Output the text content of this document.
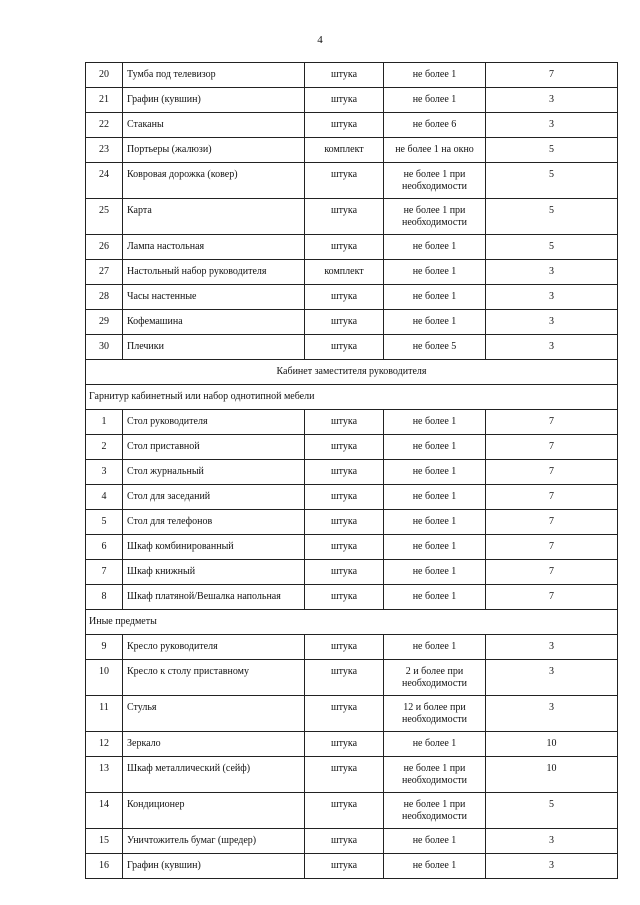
4
20	Тумба под телевизор	штука	не более 1	7
21	Графин (кувшин)	штука	не более 1	3
22	Стаканы	штука	не более 6	3
23	Портьеры (жалюзи)	комплект	не более 1 на окно	5
24	Ковровая дорожка (ковер)	штука	не более 1 при необходимости	5
25	Карта	штука	не более 1 при необходимости	5
26	Лампа настольная	штука	не более 1	5
27	Настольный набор руководителя	комплект	не более 1	3
28	Часы настенные	штука	не более 1	3
29	Кофемашина	штука	не более 1	3
30	Плечики	штука	не более 5	3
Кабинет заместителя руководителя				
Гарнитур кабинетный или набор однотипной мебели				
1	Стол руководителя	штука	не более 1	7
2	Стол приставной	штука	не более 1	7
3	Стол журнальный	штука	не более 1	7
4	Стол для заседаний	штука	не более 1	7
5	Стол для телефонов	штука	не более 1	7
6	Шкаф комбинированный	штука	не более 1	7
7	Шкаф книжный	штука	не более 1	7
8	Шкаф платяной/Вешалка напольная	штука	не более 1	7
Иные предметы				
9	Кресло руководителя	штука	не более 1	3
10	Кресло к столу приставному	штука	2 и более при необходимости	3
11	Стулья	штука	12 и более при необходимости	3
12	Зеркало	штука	не более 1	10
13	Шкаф металлический (сейф)	штука	не более 1 при необходимости	10
14	Кондиционер	штука	не более 1 при необходимости	5
15	Уничтожитель бумаг (шредер)	штука	не более 1	3
16	Графин (кувшин)	штука	не более 1	3
